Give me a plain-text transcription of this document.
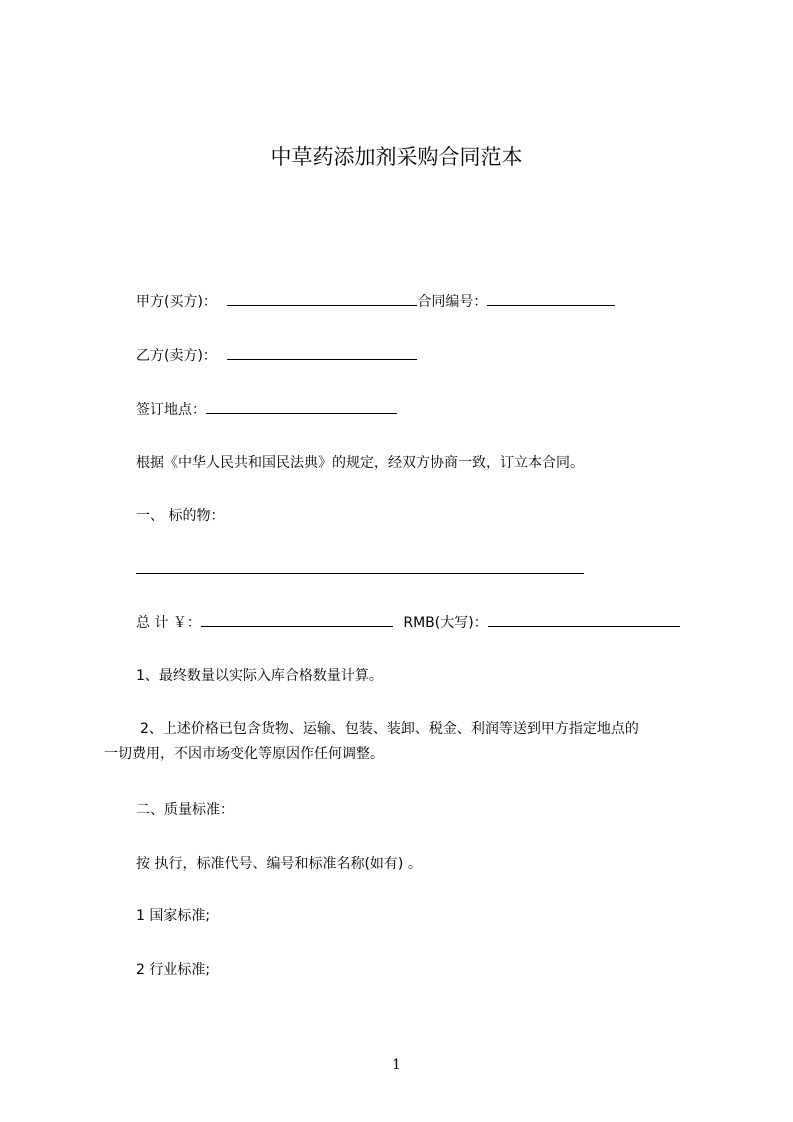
中草药添加剂采购合同范本
甲方(买方)：	合同编号：
乙方(卖方)：
签订地点：
根据《中华人民共和国民法典》的规定，经双方协商一致，订立本合同。
一、 标的物：
总 计 ￥：	RMB(大写)：
1、最终数量以实际入库合格数量计算。
2、上述价格已包含货物、运输、包装、装卸、税金、利润等送到甲方指定地点的
一切费用，不因市场变化等原因作任何调整。
二、质量标准：
按 执行，标准代号、编号和标准名称(如有) 。
1 国家标准;
2 行业标准;
1
